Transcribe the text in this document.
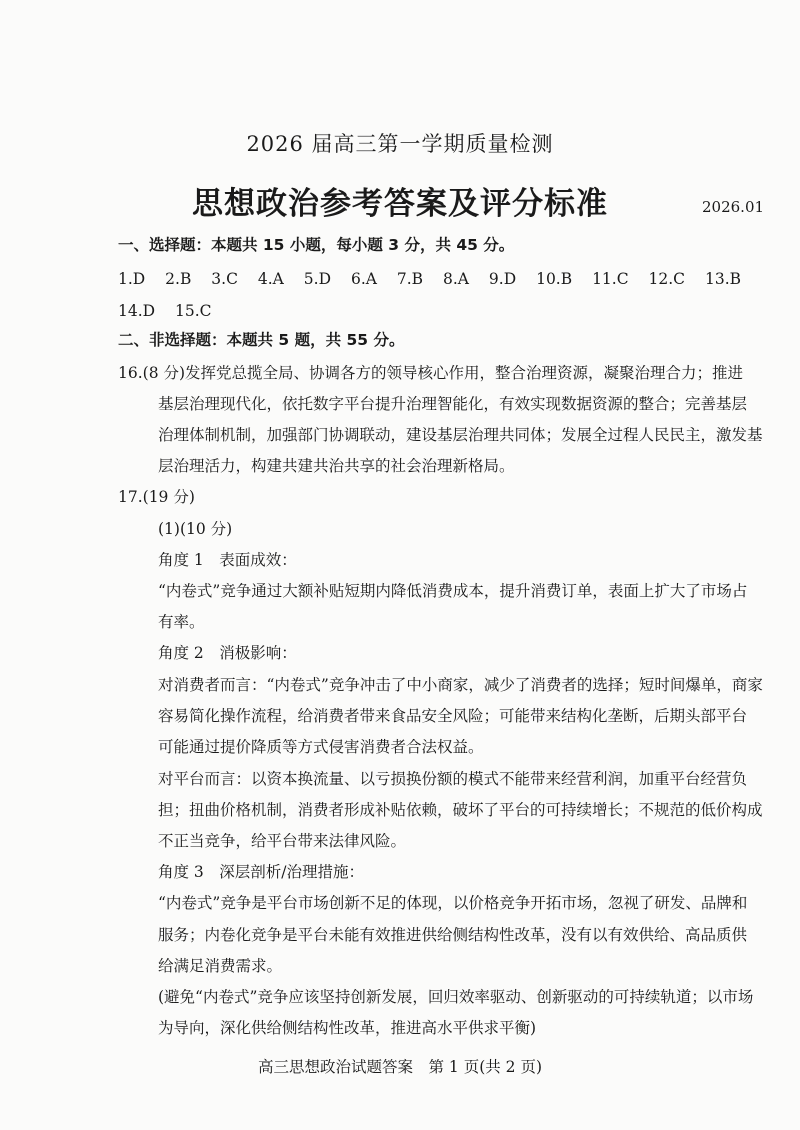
2026 届高三第一学期质量检测
思想政治参考答案及评分标准	2026.01
一、选择题：本题共 15 小题，每小题 3 分，共 45 分。
1.D 2.B 3.C 4.A 5.D 6.A 7.B 8.A 9.D 10.B 11.C 12.C 13.B
14.D 15.C
二、非选择题：本题共 5 题，共 55 分。
16.(8 分)发挥党总揽全局、协调各方的领导核心作用，整合治理资源，凝聚治理合力；推进
基层治理现代化，依托数字平台提升治理智能化，有效实现数据资源的整合；完善基层
治理体制机制，加强部门协调联动，建设基层治理共同体；发展全过程人民民主，激发基
层治理活力，构建共建共治共享的社会治理新格局。
17.(19 分)
(1)(10 分)
角度 1　表面成效：
“内卷式”竞争通过大额补贴短期内降低消费成本，提升消费订单，表面上扩大了市场占
有率。
角度 2　消极影响：
对消费者而言：“内卷式”竞争冲击了中小商家，减少了消费者的选择；短时间爆单，商家
容易简化操作流程，给消费者带来食品安全风险；可能带来结构化垄断，后期头部平台
可能通过提价降质等方式侵害消费者合法权益。
对平台而言：以资本换流量、以亏损换份额的模式不能带来经营利润，加重平台经营负
担；扭曲价格机制，消费者形成补贴依赖，破坏了平台的可持续增长；不规范的低价构成
不正当竞争，给平台带来法律风险。
角度 3　深层剖析/治理措施：
“内卷式”竞争是平台市场创新不足的体现，以价格竞争开拓市场，忽视了研发、品牌和
服务；内卷化竞争是平台未能有效推进供给侧结构性改革，没有以有效供给、高品质供
给满足消费需求。
(避免“内卷式”竞争应该坚持创新发展，回归效率驱动、创新驱动的可持续轨道；以市场
为导向，深化供给侧结构性改革，推进高水平供求平衡)
高三思想政治试题答案　第 1 页(共 2 页)
